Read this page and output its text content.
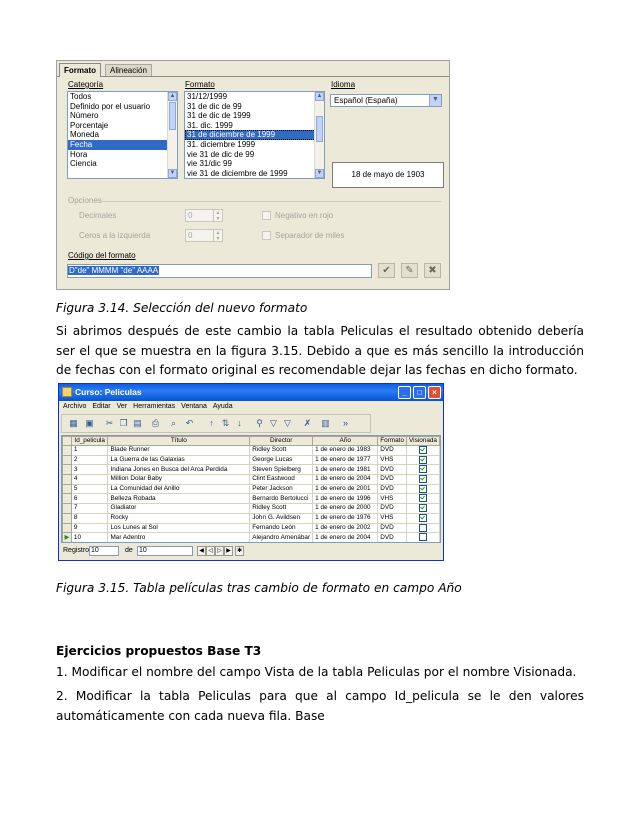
Formato	Alineación
Categoría
Todos
Definido por el usuario
Número
Porcentaje
Moneda
Fecha
Hora
Ciencia
▲
▼
Formato
31/12/1999
31 de dic de 99
31 de dic de 1999
31. dic. 1999
31 de diciembre de 1999
31. diciembre 1999
vie 31 de dic de 99
vie 31/dic 99
vie 31 de diciembre de 1999
▲
▼
Idioma
Español (España)	▼
18 de mayo de 1903
Opciones
Decimales	0	▲
▼	Negativo en rojo
Ceros a la izquierda	0	▲
▼	Separador de miles
Código del formato
D"de" MMMM "de" AAAA	✔	✎	✖
Figura 3.14. Selección del nuevo formato
Si abrimos después de este cambio la tabla Peliculas el resultado obtenido debería ser el que se muestra en la figura 3.15. Debido a que es más sencillo la introducción de fechas con el formato original es recomendable dejar las fechas en dicho formato.
Curso: Peliculas	_	□	×
Archivo Editar Ver Herramientas Ventana Ayuda
▦ ▣ ✂ ❐ ▤ ⎙	⌕	↶	↑ ⇅ ↓	⚲ ▽ ▽ ✗ ▥	»
	Id_pelicula	Título	Director	Año	Formato	Visionada
	1	Blade Runner	Ridley Scott	1 de enero de 1983	DVD	
	2	La Guerra de las Galaxias	George Lucas	1 de enero de 1977	VHS	
	3	Indiana Jones en Busca del Arca Perdida	Steven Spielberg	1 de enero de 1981	DVD	
	4	Million Dolar Baby	Clint Eastwood	1 de enero de 2004	DVD	
	5	La Comunidad del Anillo	Peter Jackson	1 de enero de 2001	DVD	
	6	Belleza Robada	Bernardo Bertolucci	1 de enero de 1996	VHS	
	7	Gladiator	Ridley Scott	1 de enero de 2000	DVD	
	8	Rocky	John G. Avildsen	1 de enero de 1976	VHS	
	9	Los Lunes al Sol	Fernando León	1 de enero de 2002	DVD	
▶	10	Mar Adentro	Alejandro Amenábar	1 de enero de 2004	DVD	

Registro 10	de 10	◀ ◁ ▷ ▶	✱
Figura 3.15. Tabla películas tras cambio de formato en campo Año
Ejercicios propuestos Base T3
1. Modificar el nombre del campo Vista de la tabla Peliculas por el nombre Visionada.
2. Modificar la tabla Peliculas para que al campo Id_pelicula se le den valores automáticamente con cada nueva fila. Base
